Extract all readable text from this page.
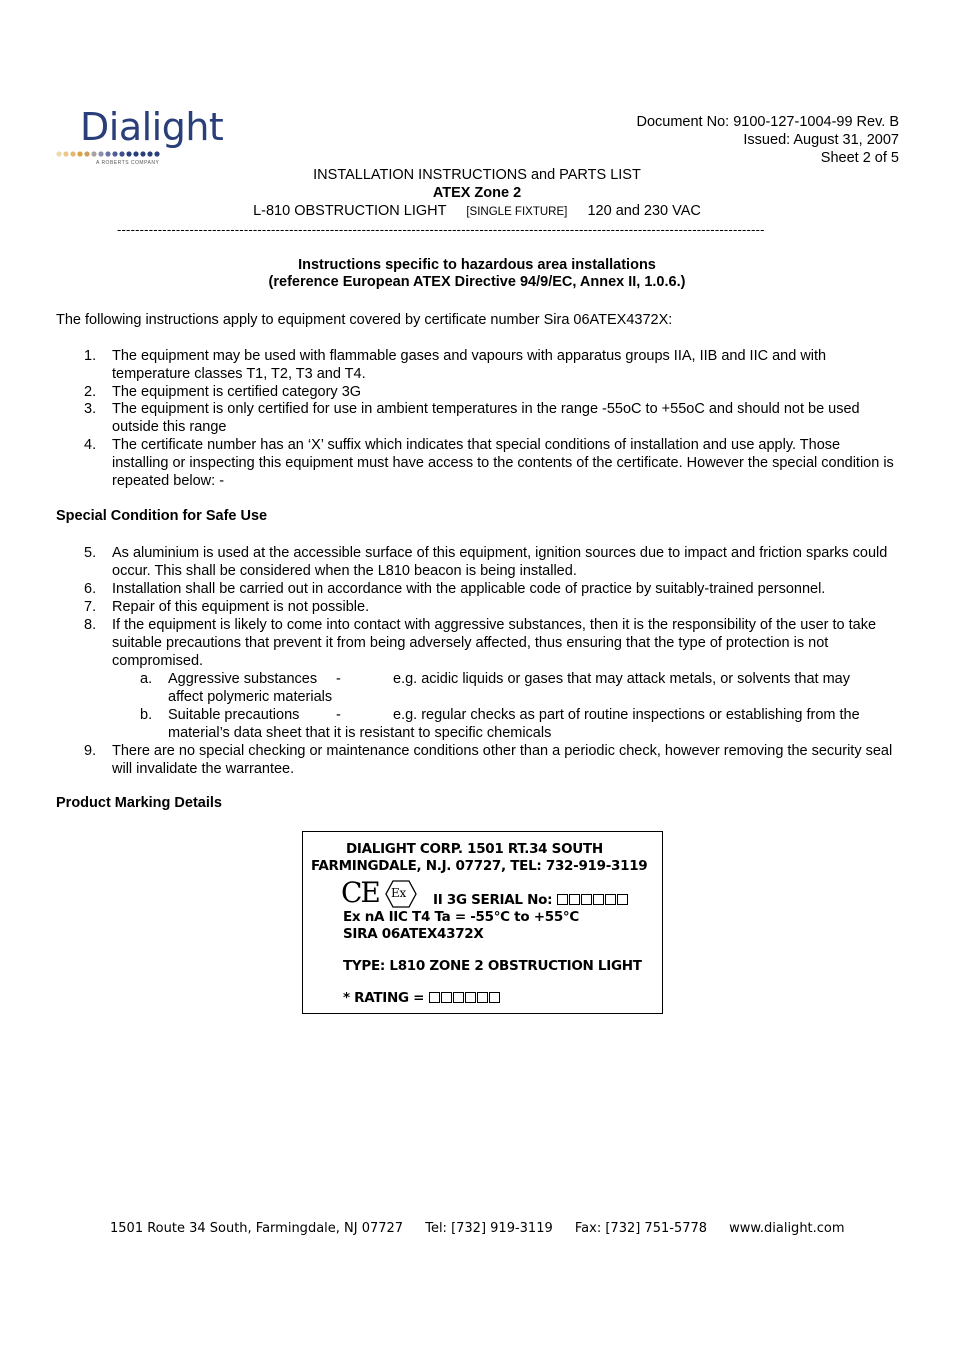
Dialight
A ROBERTS COMPANY
Document No: 9100-127-1004-99 Rev. B
Issued: August 31, 2007
Sheet 2 of 5
INSTALLATION INSTRUCTIONS and PARTS LIST
ATEX Zone 2
L-810 OBSTRUCTION LIGHT [SINGLE FIXTURE] 120 and 230 VAC
-----------------------------------------------------------------------------------------------------------------------------------------------
Instructions specific to hazardous area installations
(reference European ATEX Directive 94/9/EC, Annex II, 1.0.6.)
The following instructions apply to equipment covered by certificate number Sira 06ATEX4372X:
1.	The equipment may be used with flammable gases and vapours with apparatus groups IIA, IIB and IIC and with temperature classes T1, T2, T3 and T4.
2.	The equipment is certified category 3G
3.	The equipment is only certified for use in ambient temperatures in the range -55oC to +55oC and should not be used outside this range
4.	The certificate number has an ‘X’ suffix which indicates that special conditions of installation and use apply. Those installing or inspecting this equipment must have access to the contents of the certificate. However the special condition is repeated below: -
Special Condition for Safe Use
5.	As aluminium is used at the accessible surface of this equipment, ignition sources due to impact and friction sparks could occur. This shall be considered when the L810 beacon is being installed.
6.	Installation shall be carried out in accordance with the applicable code of practice by suitably-trained personnel.
7.	Repair of this equipment is not possible.
8.	If the equipment is likely to come into contact with aggressive substances, then it is the responsibility of the user to take suitable precautions that prevent it from being adversely affected, thus ensuring that the type of protection is not compromised.
a.	Aggressive substances	-	e.g. acidic liquids or gases that may attack metals, or solvents that may
affect polymeric materials
b.	Suitable precautions	-	e.g. regular checks as part of routine inspections or establishing from the
material’s data sheet that it is resistant to specific chemicals
9.	There are no special checking or maintenance conditions other than a periodic check, however removing the security seal will invalidate the warrantee.
Product Marking Details
DIALIGHT CORP. 1501 RT.34 SOUTH
FARMINGDALE, N.J. 07727, TEL: 732-919-3119
CE Ex II 3G SERIAL No:
Ex nA IIC T4 Ta = -55°C to +55°C
SIRA 06ATEX4372X
TYPE: L810 ZONE 2 OBSTRUCTION LIGHT
* RATING =
1501 Route 34 South, Farmingdale, NJ 07727 Tel: [732] 919-3119 Fax: [732] 751-5778 www.dialight.com
